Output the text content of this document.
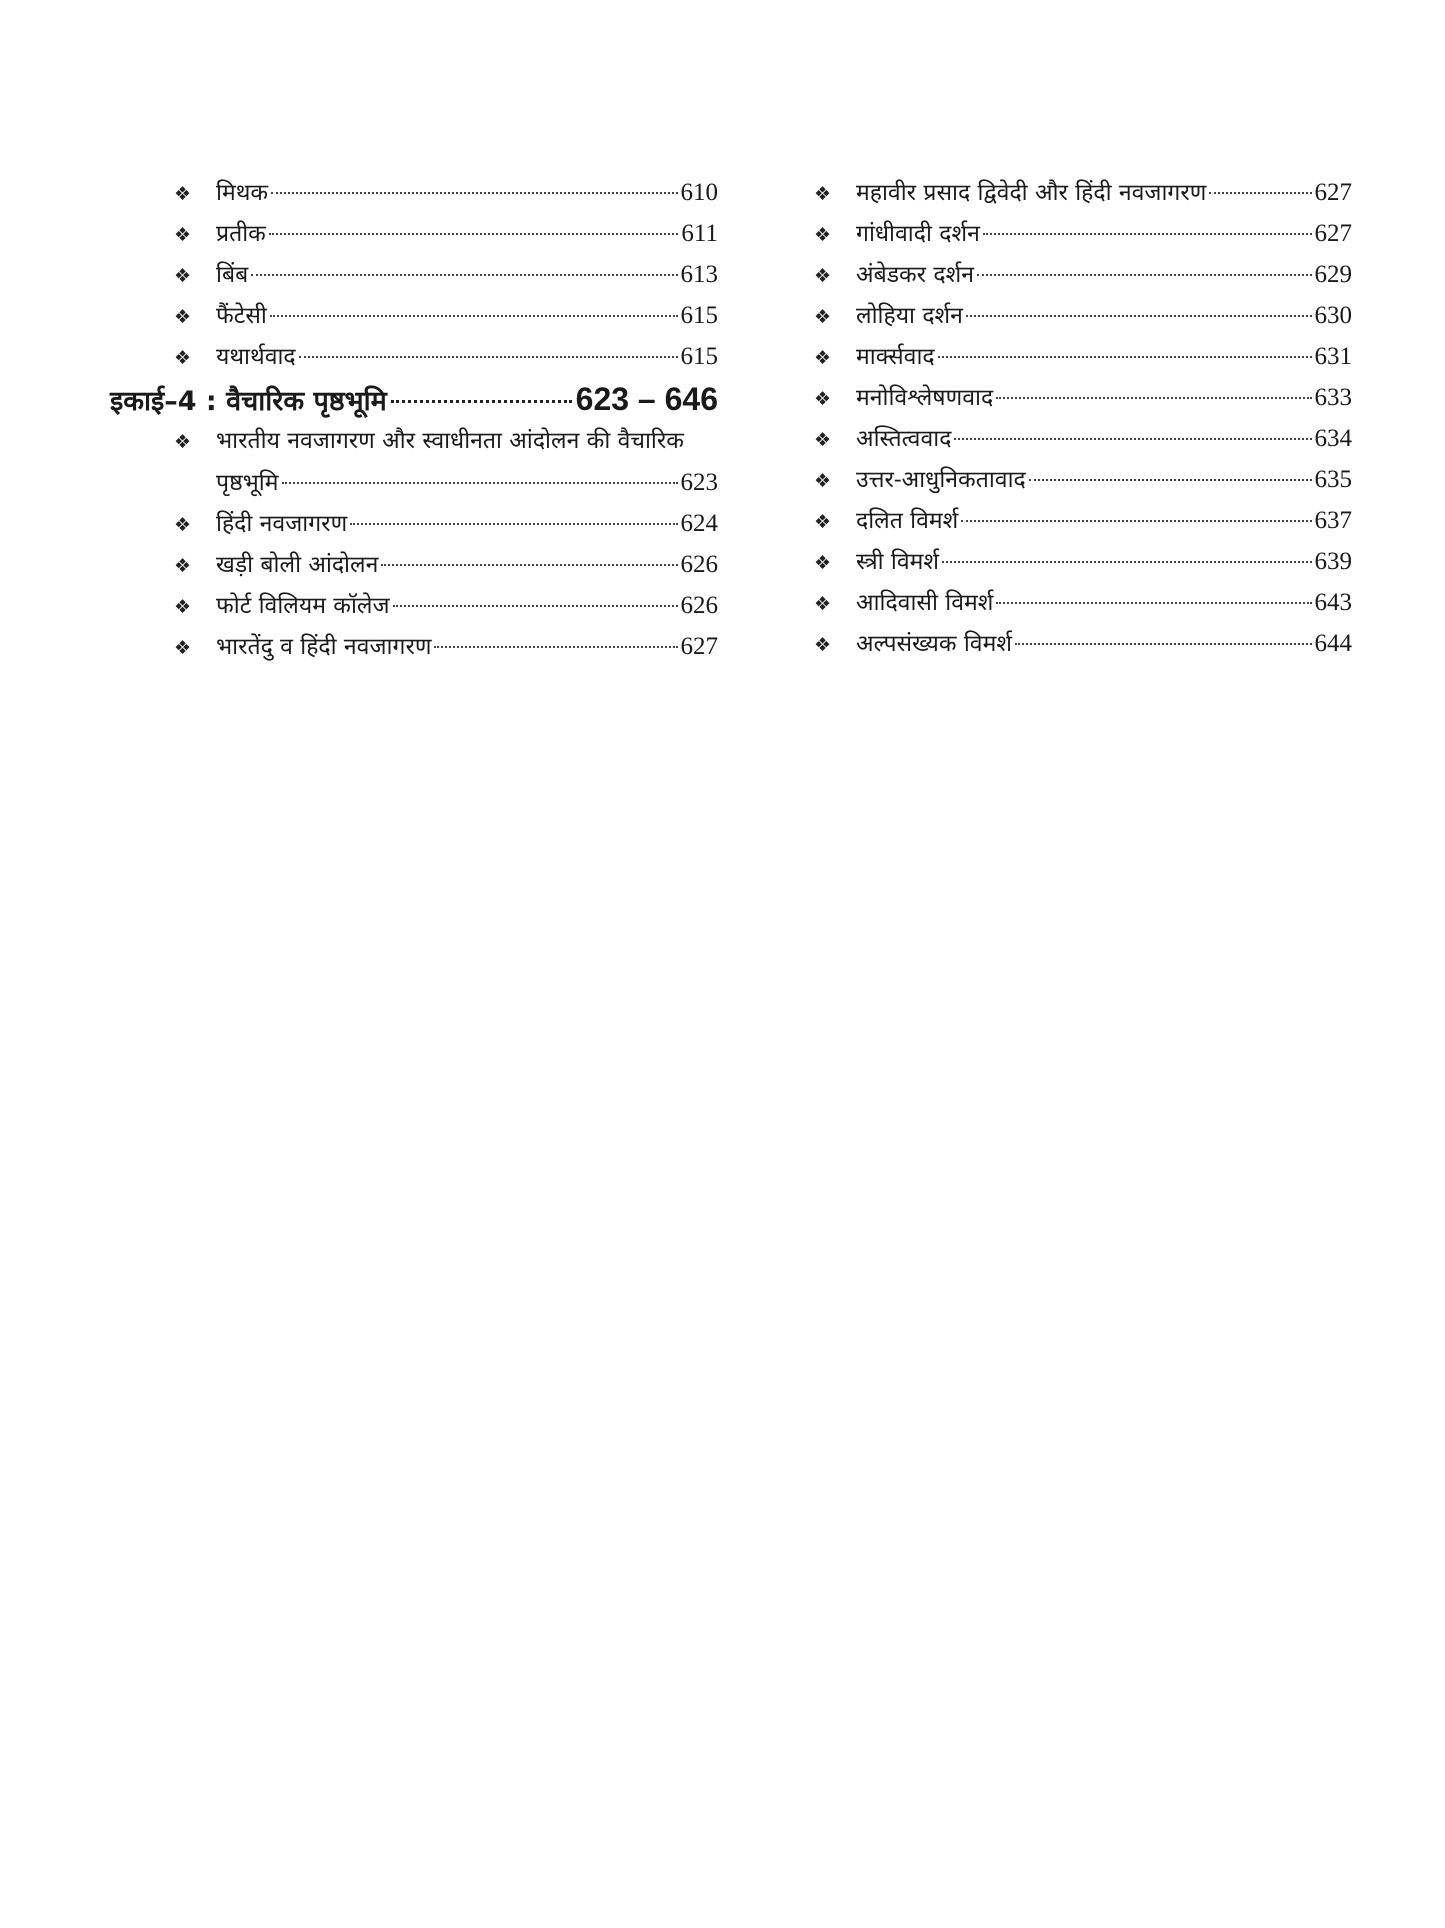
❖	मिथक	610
❖	प्रतीक	611
❖	बिंब	613
❖	फैंटेसी	615
❖	यथार्थवाद	615
इकाई–4 : वैचारिक पृष्ठभूमि	623 – 646
❖ भारतीय नवजागरण और स्वाधीनता आंदोलन की वैचारिक
पृष्ठभूमि	623
❖	हिंदी नवजागरण	624
❖	खड़ी बोली आंदोलन	626
❖	फोर्ट विलियम कॉलेज	626
❖	भारतेंदु व हिंदी नवजागरण	627
❖	महावीर प्रसाद द्विवेदी और हिंदी नवजागरण	627
❖	गांधीवादी दर्शन	627
❖	अंबेडकर दर्शन	629
❖	लोहिया दर्शन	630
❖	मार्क्सवाद	631
❖	मनोविश्लेषणवाद	633
❖	अस्तित्ववाद	634
❖	उत्तर-आधुनिकतावाद	635
❖	दलित विमर्श	637
❖	स्त्री विमर्श	639
❖	आदिवासी विमर्श	643
❖	अल्पसंख्यक विमर्श	644
